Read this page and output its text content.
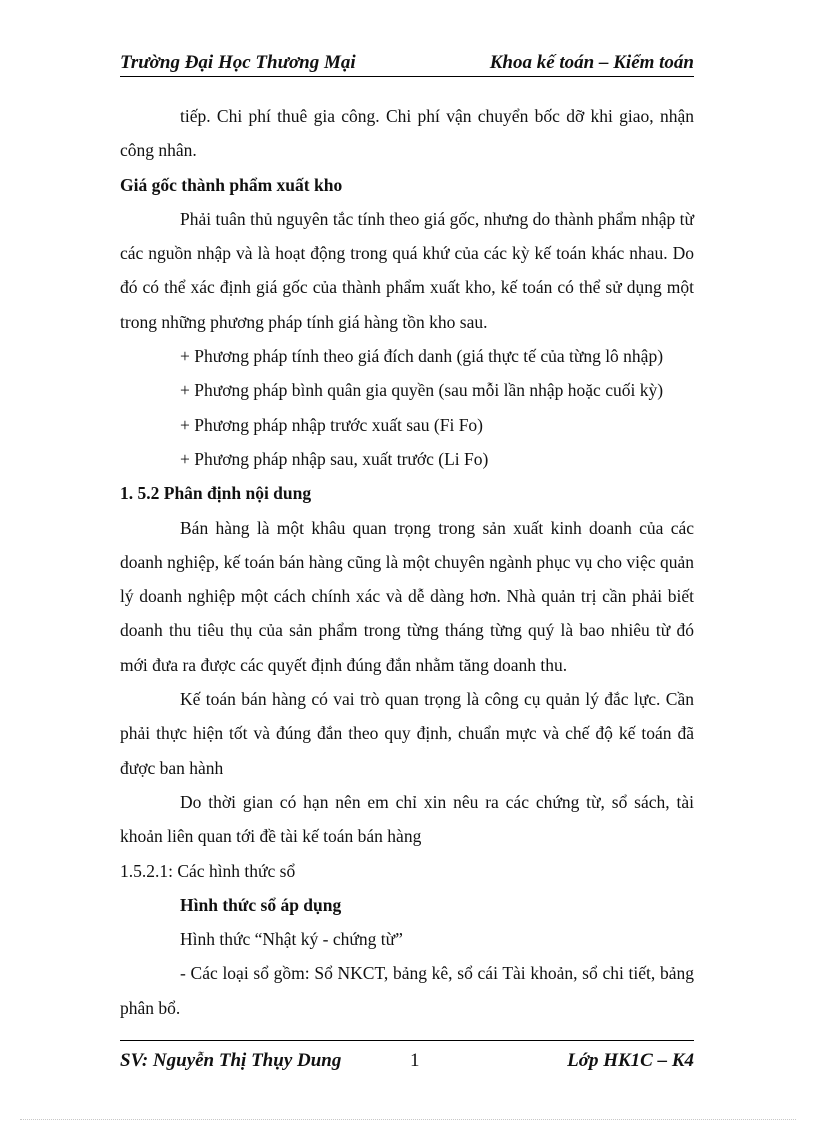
Trường Đại Học Thương Mại	Khoa kế toán – Kiểm toán

tiếp. Chi phí thuê gia công. Chi phí vận chuyển bốc dỡ khi giao, nhận công nhân.

Giá gốc thành phẩm xuất kho

Phải tuân thủ nguyên tắc tính theo giá gốc, nhưng do thành phẩm nhập từ các nguồn nhập và là hoạt động trong quá khứ của các kỳ kế toán khác nhau. Do đó có thể xác định giá gốc của thành phẩm xuất kho, kế toán có thể sử dụng một trong những phương pháp tính giá hàng tồn kho sau.

+ Phương pháp tính theo giá đích danh (giá thực tế của từng lô nhập)

+ Phương pháp bình quân gia quyền (sau mỗi lần nhập hoặc cuối kỳ)

+ Phương pháp nhập trước xuất sau (Fi Fo)

+ Phương pháp nhập sau, xuất trước (Li Fo)

1. 5.2 Phân định nội dung

Bán hàng là một khâu quan trọng trong sản xuất kinh doanh của các doanh nghiệp, kế toán bán hàng cũng là một chuyên ngành phục vụ cho việc quản lý doanh nghiệp một cách chính xác và dễ dàng hơn. Nhà quản trị cần phải biết doanh thu tiêu thụ của sản phẩm trong từng tháng từng quý là bao nhiêu từ đó mới đưa ra được các quyết định đúng đắn nhằm tăng doanh thu.

Kế toán bán hàng có vai trò quan trọng là công cụ quản lý đắc lực. Cần phải thực hiện tốt và đúng đắn theo quy định, chuẩn mực và chế độ kế toán đã được ban hành

Do thời gian có hạn nên em chỉ xin nêu ra các chứng từ, sổ sách, tài khoản liên quan tới đề tài kế toán bán hàng

1.5.2.1: Các hình thức sổ

Hình thức sổ áp dụng

Hình thức “Nhật ký - chứng từ”

- Các loại sổ gồm: Sổ NKCT, bảng kê, sổ cái Tài khoản, sổ chi tiết, bảng phân bổ.

SV: Nguyễn Thị Thụy Dung	1	Lớp HK1C – K4
